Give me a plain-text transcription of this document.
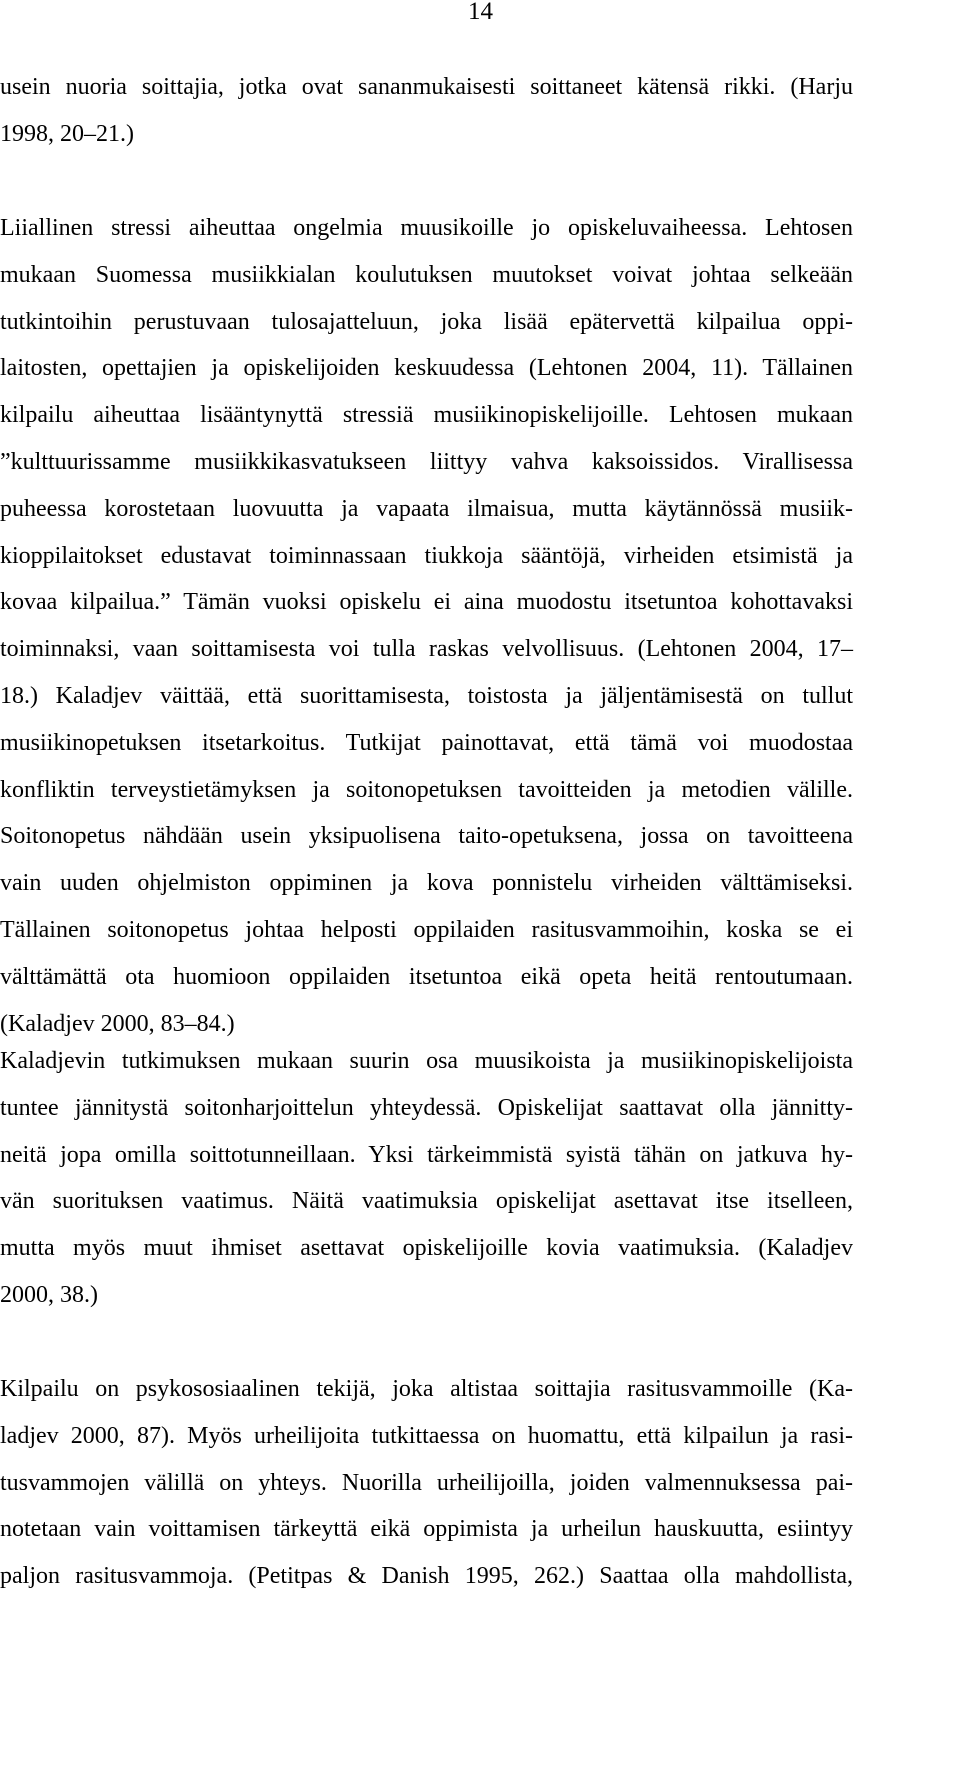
14
usein nuoria soittajia, jotka ovat sananmukaisesti soittaneet kätensä rikki. (Harju
1998, 20–21.)
Liiallinen stressi aiheuttaa ongelmia muusikoille jo opiskeluvaiheessa. Lehtosen
mukaan Suomessa musiikkialan koulutuksen muutokset voivat johtaa selkeään
tutkintoihin perustuvaan tulosajatteluun, joka lisää epätervettä kilpailua oppi-
laitosten, opettajien ja opiskelijoiden keskuudessa (Lehtonen 2004, 11). Tällainen
kilpailu aiheuttaa lisääntynyttä stressiä musiikinopiskelijoille. Lehtosen mukaan
”kulttuurissamme musiikkikasvatukseen liittyy vahva kaksoissidos. Virallisessa
puheessa korostetaan luovuutta ja vapaata ilmaisua, mutta käytännössä musiik-
kioppilaitokset edustavat toiminnassaan tiukkoja sääntöjä, virheiden etsimistä ja
kovaa kilpailua.” Tämän vuoksi opiskelu ei aina muodostu itsetuntoa kohottavaksi
toiminnaksi, vaan soittamisesta voi tulla raskas velvollisuus. (Lehtonen 2004, 17–
18.) Kaladjev väittää, että suorittamisesta, toistosta ja jäljentämisestä on tullut
musiikinopetuksen itsetarkoitus. Tutkijat painottavat, että tämä voi muodostaa
konfliktin terveystietämyksen ja soitonopetuksen tavoitteiden ja metodien välille.
Soitonopetus nähdään usein yksipuolisena taito-opetuksena, jossa on tavoitteena
vain uuden ohjelmiston oppiminen ja kova ponnistelu virheiden välttämiseksi.
Tällainen soitonopetus johtaa helposti oppilaiden rasitusvammoihin, koska se ei
välttämättä ota huomioon oppilaiden itsetuntoa eikä opeta heitä rentoutumaan.
(Kaladjev 2000, 83–84.)
Kaladjevin tutkimuksen mukaan suurin osa muusikoista ja musiikinopiskelijoista
tuntee jännitystä soitonharjoittelun yhteydessä. Opiskelijat saattavat olla jännitty-
neitä jopa omilla soittotunneillaan. Yksi tärkeimmistä syistä tähän on jatkuva hy-
vän suorituksen vaatimus. Näitä vaatimuksia opiskelijat asettavat itse itselleen,
mutta myös muut ihmiset asettavat opiskelijoille kovia vaatimuksia. (Kaladjev
2000, 38.)
Kilpailu on psykososiaalinen tekijä, joka altistaa soittajia rasitusvammoille (Ka-
ladjev 2000, 87). Myös urheilijoita tutkittaessa on huomattu, että kilpailun ja rasi-
tusvammojen välillä on yhteys. Nuorilla urheilijoilla, joiden valmennuksessa pai-
notetaan vain voittamisen tärkeyttä eikä oppimista ja urheilun hauskuutta, esiintyy
paljon rasitusvammoja. (Petitpas & Danish 1995, 262.) Saattaa olla mahdollista,
